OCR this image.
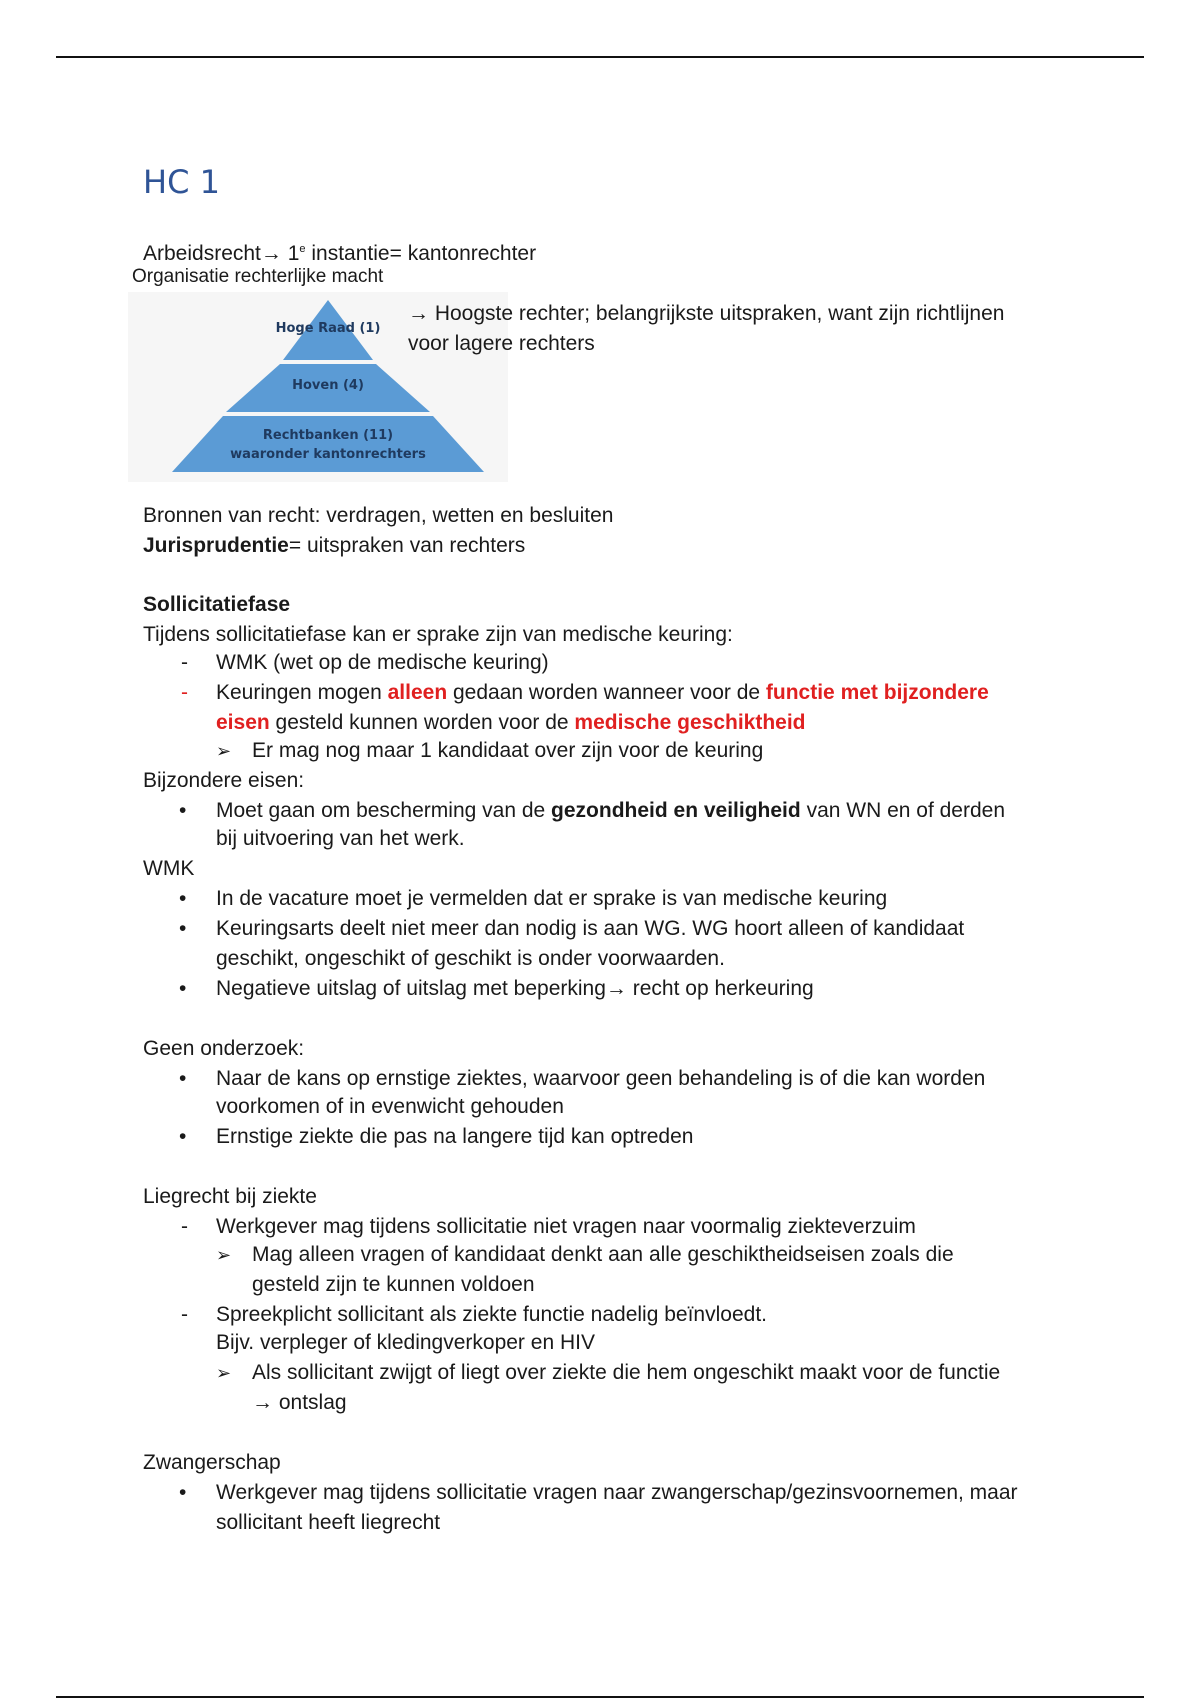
HC 1
Arbeidsrecht→ $1^e$ instantie= kantonrechter
Organisatie rechterlijke macht
Hoge Raad (1)
Hoven (4)
Rechtbanken (11)
waaronder kantonrechters
→ Hoogste rechter; belangrijkste uitspraken, want zijn richtlijnen
voor lagere rechters
Bronnen van recht: verdragen, wetten en besluiten
Jurisprudentie= uitspraken van rechters
Sollicitatiefase
Tijdens sollicitatiefase kan er sprake zijn van medische keuring:
- WMK (wet op de medische keuring)
- Keuringen mogen alleen gedaan worden wanneer voor de functie met bijzondere
eisen gesteld kunnen worden voor de medische geschiktheid
➢ Er mag nog maar 1 kandidaat over zijn voor de keuring
Bijzondere eisen:
• Moet gaan om bescherming van de gezondheid en veiligheid van WN en of derden
bij uitvoering van het werk.
WMK
• In de vacature moet je vermelden dat er sprake is van medische keuring
• Keuringsarts deelt niet meer dan nodig is aan WG. WG hoort alleen of kandidaat
geschikt, ongeschikt of geschikt is onder voorwaarden.
• Negatieve uitslag of uitslag met beperking→ recht op herkeuring
Geen onderzoek:
• Naar de kans op ernstige ziektes, waarvoor geen behandeling is of die kan worden
voorkomen of in evenwicht gehouden
• Ernstige ziekte die pas na langere tijd kan optreden
Liegrecht bij ziekte
- Werkgever mag tijdens sollicitatie niet vragen naar voormalig ziekteverzuim
➢ Mag alleen vragen of kandidaat denkt aan alle geschiktheidseisen zoals die
gesteld zijn te kunnen voldoen
- Spreekplicht sollicitant als ziekte functie nadelig beïnvloedt.
Bijv. verpleger of kledingverkoper en HIV
➢ Als sollicitant zwijgt of liegt over ziekte die hem ongeschikt maakt voor de functie
→ ontslag
Zwangerschap
• Werkgever mag tijdens sollicitatie vragen naar zwangerschap/gezinsvoornemen, maar
sollicitant heeft liegrecht
